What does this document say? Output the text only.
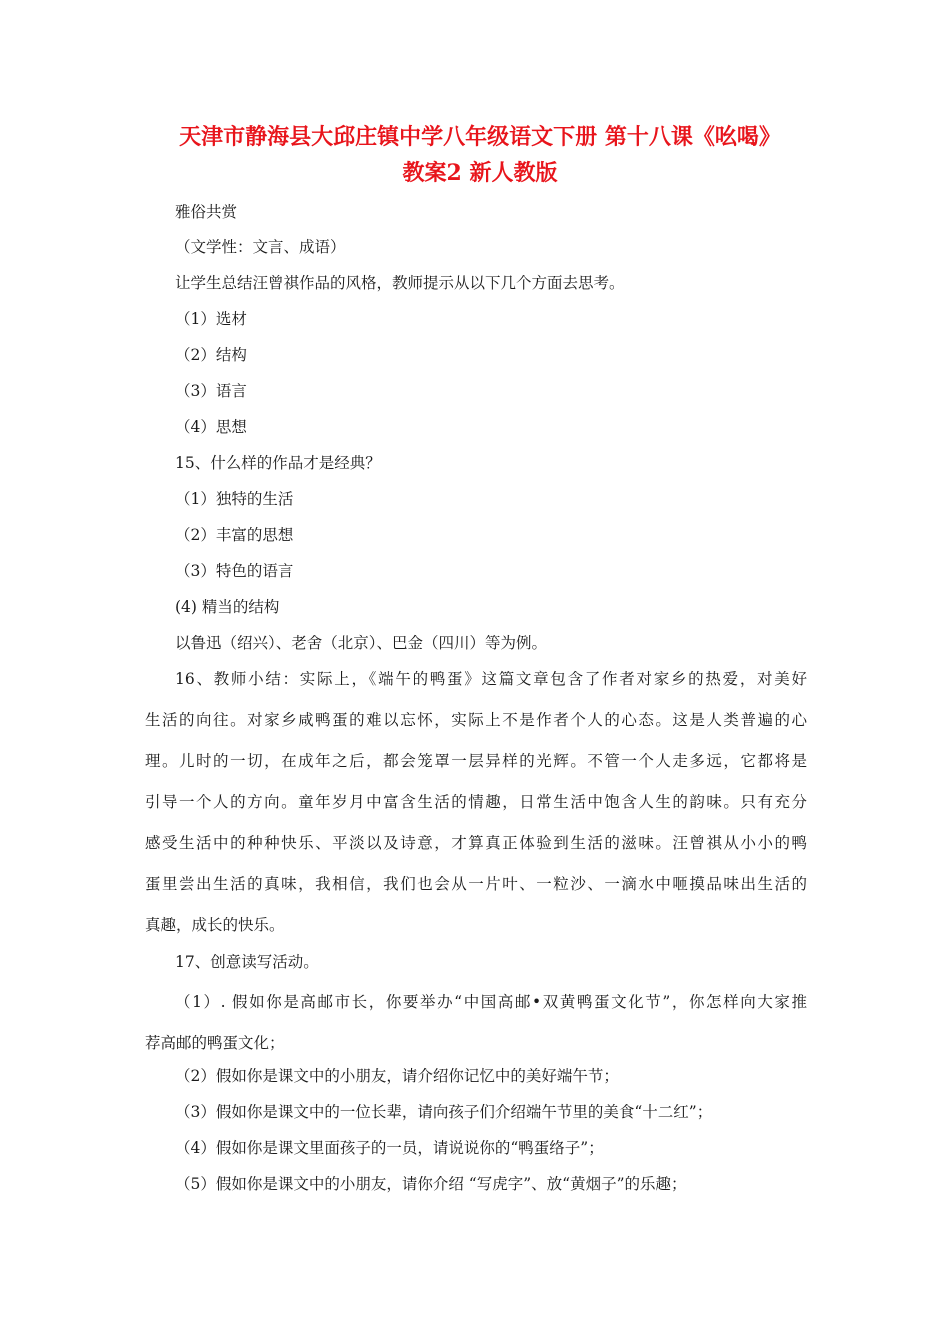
天津市静海县大邱庄镇中学八年级语文下册 第十八课《吆喝》
教案2 新人教版
雅俗共赏
（文学性：文言、成语）
让学生总结汪曾祺作品的风格，教师提示从以下几个方面去思考。
（1）选材
（2）结构
（3）语言
（4）思想
15、什么样的作品才是经典？
（1）独特的生活
（2）丰富的思想
（3）特色的语言
(4) 精当的结构
以鲁迅（绍兴）、老舍（北京）、巴金（四川）等为例。
16、教师小结：实际上，《端午的鸭蛋》这篇文章包含了作者对家乡的热爱，对美好
生活的向往。对家乡咸鸭蛋的难以忘怀，实际上不是作者个人的心态。这是人类普遍的心
理。儿时的一切，在成年之后，都会笼罩一层异样的光辉。不管一个人走多远，它都将是
引导一个人的方向。童年岁月中富含生活的情趣，日常生活中饱含人生的韵味。只有充分
感受生活中的种种快乐、平淡以及诗意，才算真正体验到生活的滋味。汪曾祺从小小的鸭
蛋里尝出生活的真味，我相信，我们也会从一片叶、一粒沙、一滴水中咂摸品味出生活的
真趣，成长的快乐。
17、创意读写活动。
（1）. 假如你是高邮市长，你要举办“中国高邮•双黄鸭蛋文化节”，你怎样向大家推
荐高邮的鸭蛋文化；
（2）假如你是课文中的小朋友，请介绍你记忆中的美好端午节；
（3）假如你是课文中的一位长辈，请向孩子们介绍端午节里的美食“十二红”；
（4）假如你是课文里面孩子的一员，请说说你的“鸭蛋络子”；
（5）假如你是课文中的小朋友，请你介绍 “写虎字”、放“黄烟子”的乐趣；
